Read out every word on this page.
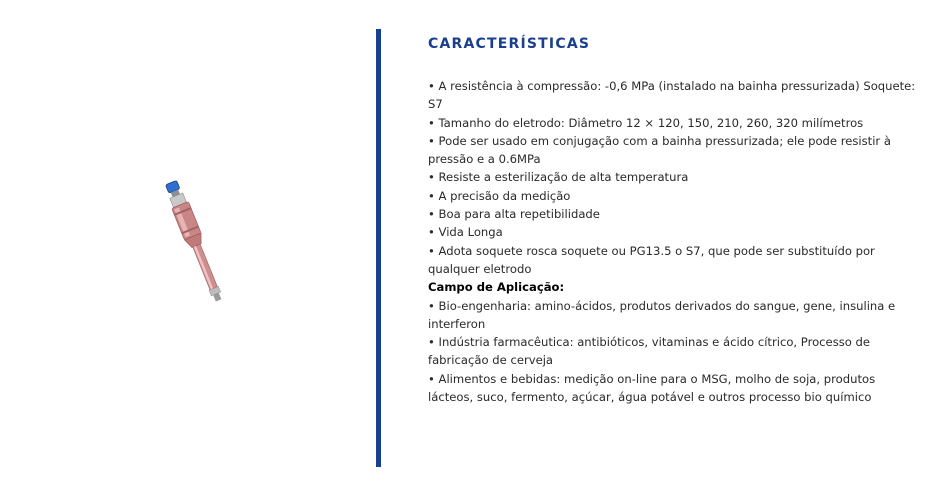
CARACTERÍSTICAS

• A resistência à compressão: -0,6 MPa (instalado na bainha pressurizada) Soquete: S7

• Tamanho do eletrodo: Diâmetro 12 × 120, 150, 210, 260, 320 milímetros

• Pode ser usado em conjugação com a bainha pressurizada; ele pode resistir à pressão e a 0.6MPa

• Resiste a esterilização de alta temperatura

• A precisão da medição

• Boa para alta repetibilidade

• Vida Longa

• Adota soquete rosca soquete ou PG13.5 o S7, que pode ser substituído por qualquer eletrodo

Campo de Aplicação:

• Bio-engenharia: amino-ácidos, produtos derivados do sangue, gene, insulina e interferon

• Indústria farmacêutica: antibióticos, vitaminas e ácido cítrico, Processo de fabricação de cerveja

• Alimentos e bebidas: medição on-line para o MSG, molho de soja, produtos lácteos, suco, fermento, açúcar, água potável e outros processo bio químico
